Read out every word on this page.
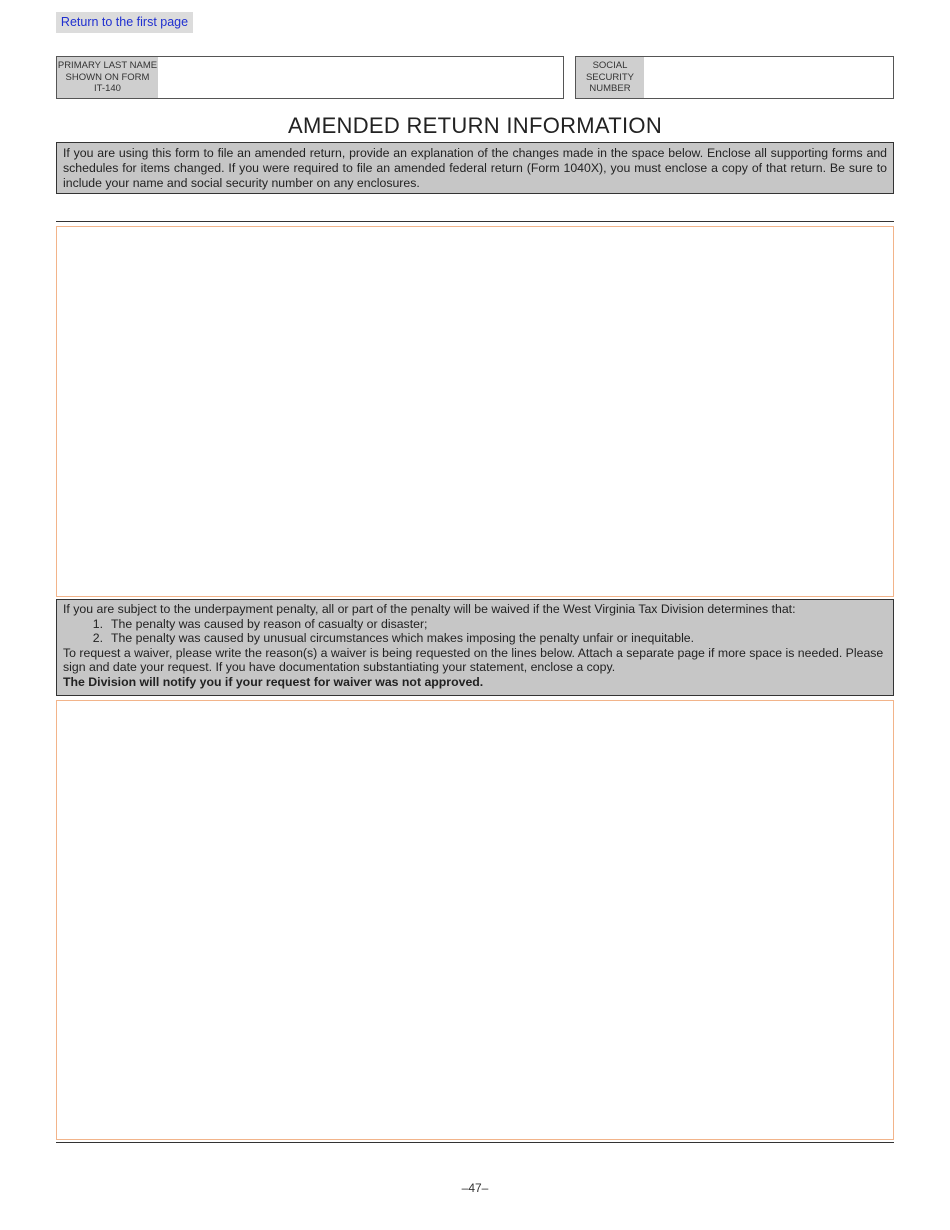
Return to the first page
PRIMARY LAST NAME
SHOWN ON FORM
IT-140
SOCIAL
SECURITY
NUMBER
AMENDED RETURN INFORMATION
If you are using this form to file an amended return, provide an explanation of the changes made in the space below. Enclose all supporting forms and schedules for items changed. If you were required to file an amended federal return (Form 1040X), you must enclose a copy of that return. Be sure to include your name and social security number on any enclosures.
If you are subject to the underpayment penalty, all or part of the penalty will be waived if the West Virginia Tax Division determines that:
1. The penalty was caused by reason of casualty or disaster;
2. The penalty was caused by unusual circumstances which makes imposing the penalty unfair or inequitable.
To request a waiver, please write the reason(s) a waiver is being requested on the lines below. Attach a separate page if more space is needed. Please sign and date your request. If you have documentation substantiating your statement, enclose a copy.
The Division will notify you if your request for waiver was not approved.
–47–
